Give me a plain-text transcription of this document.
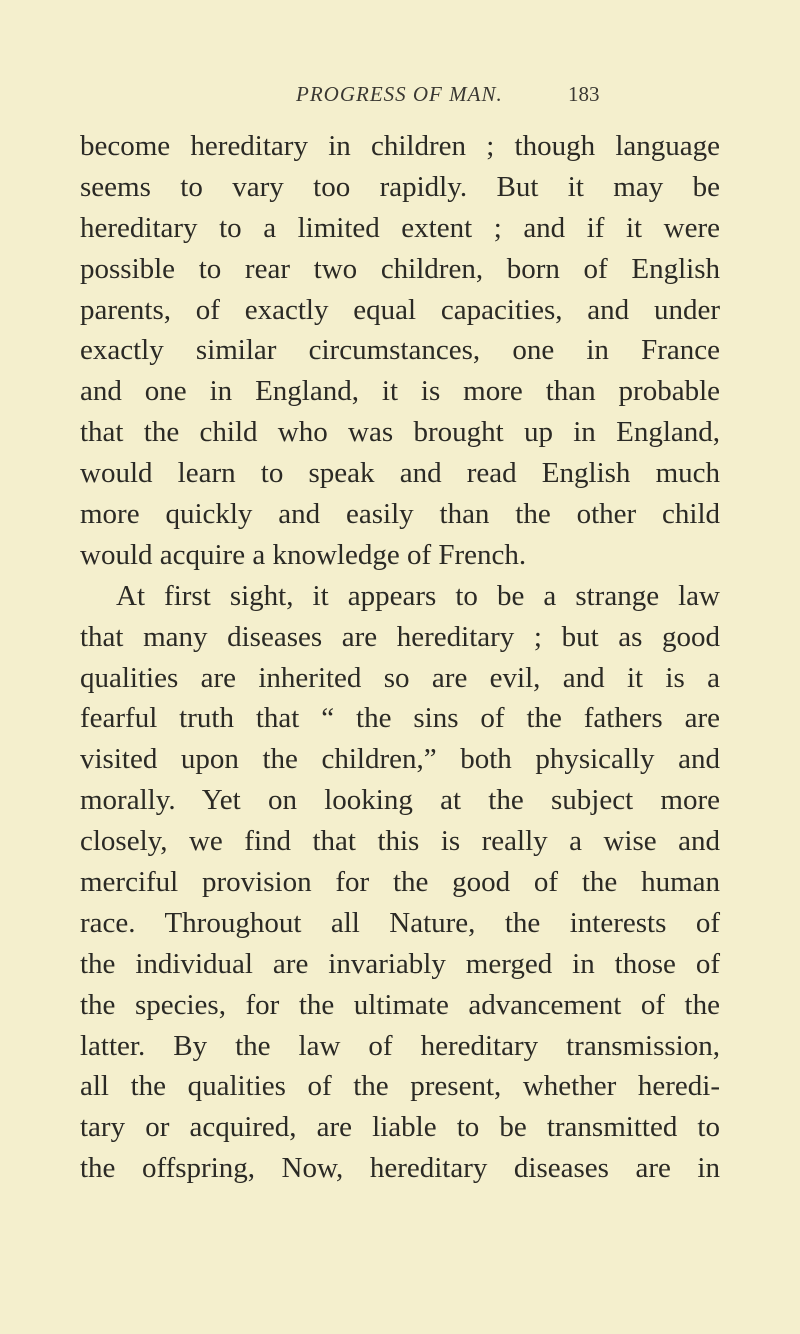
PROGRESS OF MAN.	183
become hereditary in children ; though language
seems to vary too rapidly. But it may be
hereditary to a limited extent ; and if it were
possible to rear two children, born of English
parents, of exactly equal capacities, and under
exactly similar circumstances, one in France
and one in England, it is more than probable
that the child who was brought up in England,
would learn to speak and read English much
more quickly and easily than the other child
would acquire a knowledge of French.
At first sight, it appears to be a strange law
that many diseases are hereditary ; but as good
qualities are inherited so are evil, and it is a
fearful truth that “ the sins of the fathers are
visited upon the children,” both physically and
morally. Yet on looking at the subject more
closely, we find that this is really a wise and
merciful provision for the good of the human
race. Throughout all Nature, the interests of
the individual are invariably merged in those of
the species, for the ultimate advancement of the
latter. By the law of hereditary transmission,
all the qualities of the present, whether heredi-
tary or acquired, are liable to be transmitted to
the offspring, Now, hereditary diseases are in
